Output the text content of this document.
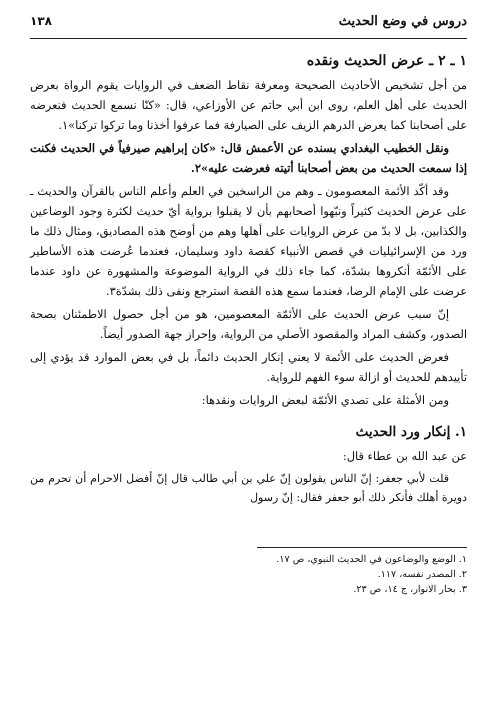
دروس في وضع الحديث
١٣٨
١ ـ ٢ ـ عرض الحديث ونقده

من أجل تشخيص الأحاديث الصحيحة ومعرفة نقاط الضعف في الروايات يقوم الرواة بعرض الحديث على أهل العلم، روى ابن أبي حاتم عن الأوزاعي، قال: «كنّا نسمع الحديث فنعرضه على أصحابنا كما يعرض الدرهم الزيف على الصيارفة فما عرفوا أخذنا وما تركوا تركنا»١.

ونقل الخطيب البغدادي بسنده عن الأعمش قال: «كان إبراهيم صيرفياً في الحديث فكنت إذا سمعت الحديث من بعض أصحابنا أتيته فعرضت عليه»٢.

وقد أكّد الأئمة المعصومون ـ وهم من الراسخين في العلم وأعلم الناس بالقرآن والحديث ـ على عرض الحديث كثيراً ونبّهوا أصحابهم بأن لا يقبلوا برواية أيّ حديث لكثرة وجود الوضاعين والكذابين، بل لا بدّ من عرض الروايات على أهلها وهم من أوضح هذه المصاديق، ومثال ذلك ما ورد من الإسرائيليات في قصص الأنبياء كقصة داود وسليمان، فعندما عُرضت هذه الأساطير على الأئمّة أنكروها بشدّة، كما جاء ذلك في الرواية الموضوعة والمشهورة عن داود عندما عرضت على الإمام الرضا، فعندما سمع هذه القصة استرجع ونفى ذلك بشدّة٣.

إنّ سبب عرض الحديث على الأئمّة المعصومين، هو من أجل حصول الاطمئنان بصحة الصدور، وكشف المراد والمقصود الأصلي من الرواية، وإحراز جهة الصدور أيضاً.

فعرض الحديث على الأئمة لا يعني إنكار الحديث دائماً، بل في بعض الموارد قد يؤدي إلى تأييدهم للحديث أو ازالة سوء الفهم للرواية.

ومن الأمثلة على تصدي الأئمّة لبعض الروايات ونقدها:

١. إنكار ورد الحديث

عن عبد الله بن عطاء قال:

قلت لأبي جعفر: إنّ الناس يقولون إنّ علي بن أبي طالب قال إنّ أفضل الاحرام أن تحرم من دويرة أهلك فأنكر ذلك أبو جعفر فقال: إنّ رسول

١. الوضع والوضاعون في الحديث النبوي، ص ١٧.

٢. المصدر نفسه، ١١٧.

٣. بحار الانوار، ج ١٤، ص ٢٣.
